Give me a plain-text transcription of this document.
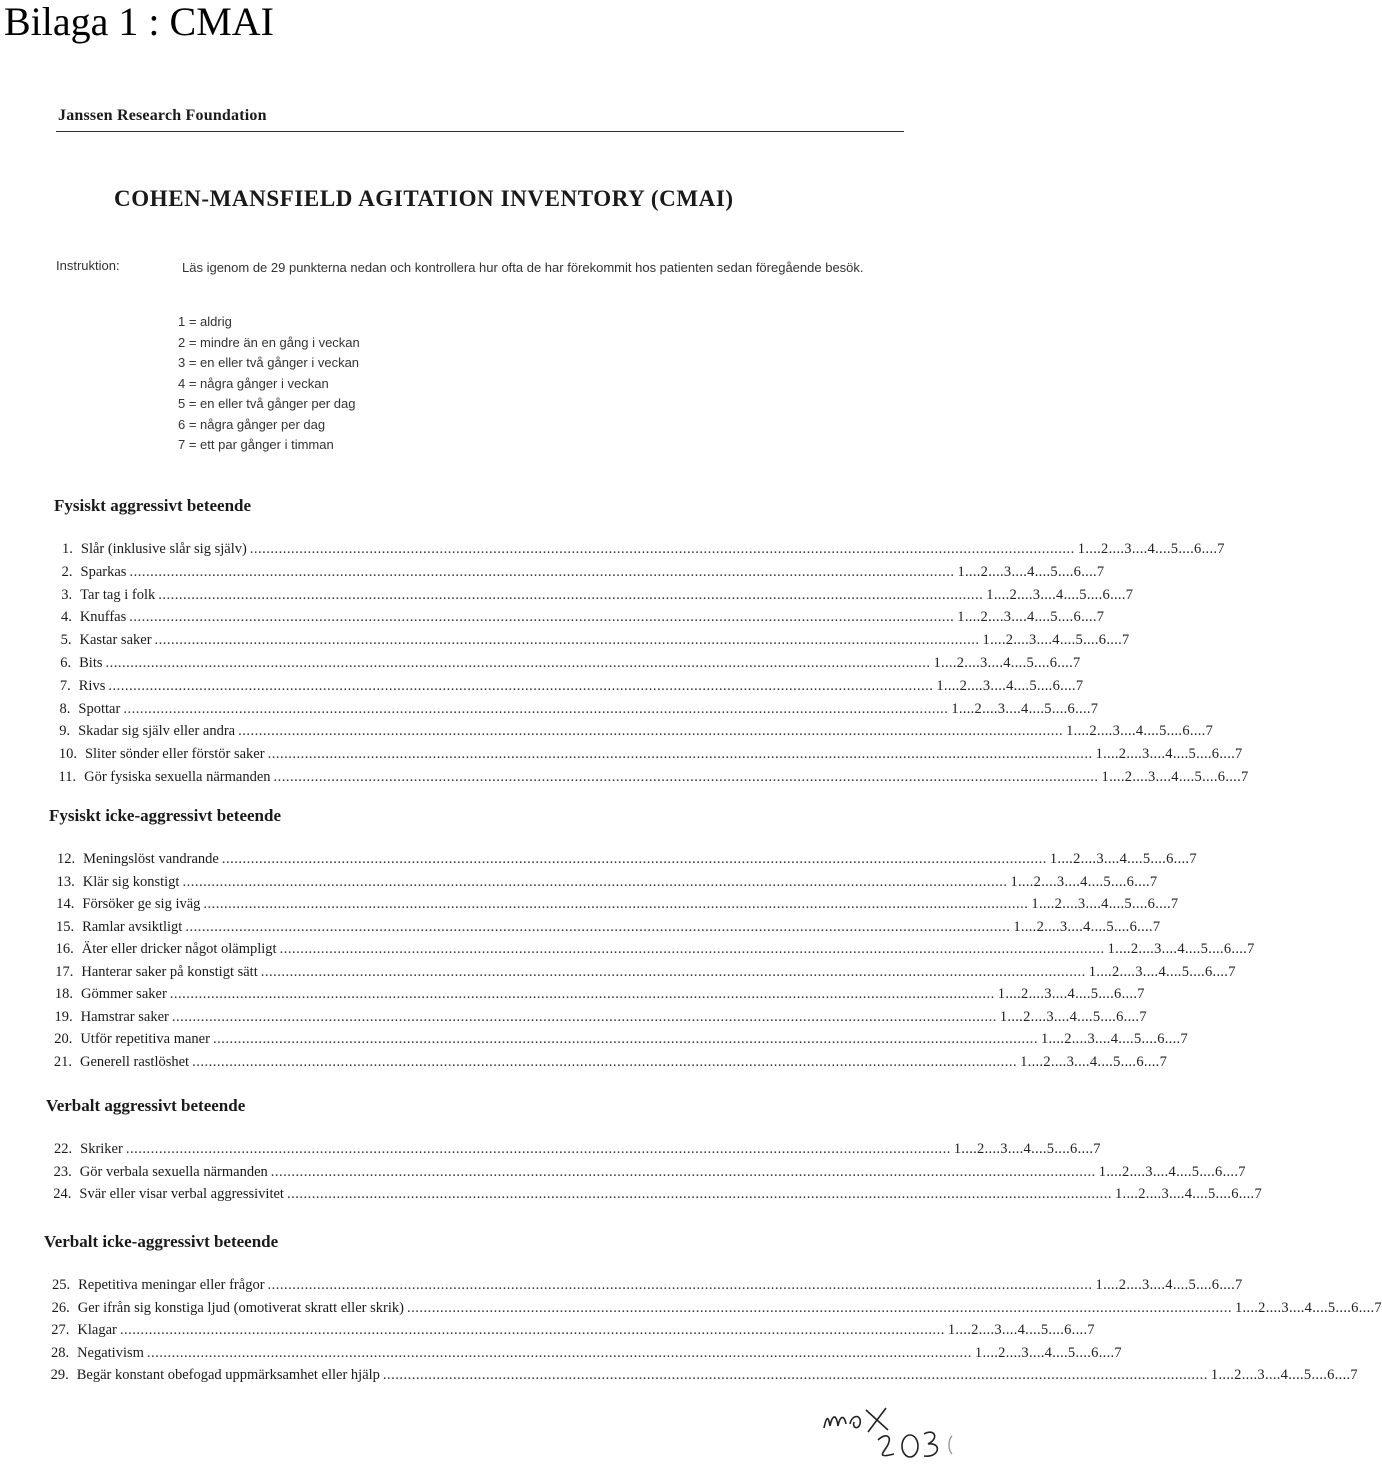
Bilaga 1 : CMAI
Janssen Research Foundation
COHEN-MANSFIELD AGITATION INVENTORY (CMAI)
Instruktion:	Läs igenom de 29 punkterna nedan och kontrollera hur ofta de har förekommit hos patienten sedan föregående besök.
1 = aldrig
2 = mindre än en gång i veckan
3 = en eller två gånger i veckan
4 = några gånger i veckan
5 = en eller två gånger per dag
6 = några gånger per dag
7 = ett par gånger i timman
Fysiskt aggressivt beteende
1. Slår (inklusive slår sig själv) ........................................................................................................................................................................................................ 1....2....3....4....5....6....7
2. Sparkas ........................................................................................................................................................................................................ 1....2....3....4....5....6....7
3. Tar tag i folk ........................................................................................................................................................................................................ 1....2....3....4....5....6....7
4. Knuffas ........................................................................................................................................................................................................ 1....2....3....4....5....6....7
5. Kastar saker ........................................................................................................................................................................................................ 1....2....3....4....5....6....7
6. Bits ........................................................................................................................................................................................................ 1....2....3....4....5....6....7
7. Rivs ........................................................................................................................................................................................................ 1....2....3....4....5....6....7
8. Spottar ........................................................................................................................................................................................................ 1....2....3....4....5....6....7
9. Skadar sig själv eller andra ........................................................................................................................................................................................................ 1....2....3....4....5....6....7
10. Sliter sönder eller förstör saker ........................................................................................................................................................................................................ 1....2....3....4....5....6....7
11. Gör fysiska sexuella närmanden ........................................................................................................................................................................................................ 1....2....3....4....5....6....7
Fysiskt icke-aggressivt beteende
12. Meningslöst vandrande ........................................................................................................................................................................................................ 1....2....3....4....5....6....7
13. Klär sig konstigt ........................................................................................................................................................................................................ 1....2....3....4....5....6....7
14. Försöker ge sig iväg ........................................................................................................................................................................................................ 1....2....3....4....5....6....7
15. Ramlar avsiktligt ........................................................................................................................................................................................................ 1....2....3....4....5....6....7
16. Äter eller dricker något olämpligt ........................................................................................................................................................................................................ 1....2....3....4....5....6....7
17. Hanterar saker på konstigt sätt ........................................................................................................................................................................................................ 1....2....3....4....5....6....7
18. Gömmer saker ........................................................................................................................................................................................................ 1....2....3....4....5....6....7
19. Hamstrar saker ........................................................................................................................................................................................................ 1....2....3....4....5....6....7
20. Utför repetitiva maner ........................................................................................................................................................................................................ 1....2....3....4....5....6....7
21. Generell rastlöshet ........................................................................................................................................................................................................ 1....2....3....4....5....6....7
Verbalt aggressivt beteende
22. Skriker ........................................................................................................................................................................................................ 1....2....3....4....5....6....7
23. Gör verbala sexuella närmanden ........................................................................................................................................................................................................ 1....2....3....4....5....6....7
24. Svär eller visar verbal aggressivitet ........................................................................................................................................................................................................ 1....2....3....4....5....6....7
Verbalt icke-aggressivt beteende
25. Repetitiva meningar eller frågor ........................................................................................................................................................................................................ 1....2....3....4....5....6....7
26. Ger ifrån sig konstiga ljud (omotiverat skratt eller skrik) ........................................................................................................................................................................................................ 1....2....3....4....5....6....7
27. Klagar ........................................................................................................................................................................................................ 1....2....3....4....5....6....7
28. Negativism ........................................................................................................................................................................................................ 1....2....3....4....5....6....7
29. Begär konstant obefogad uppmärksamhet eller hjälp ........................................................................................................................................................................................................ 1....2....3....4....5....6....7
